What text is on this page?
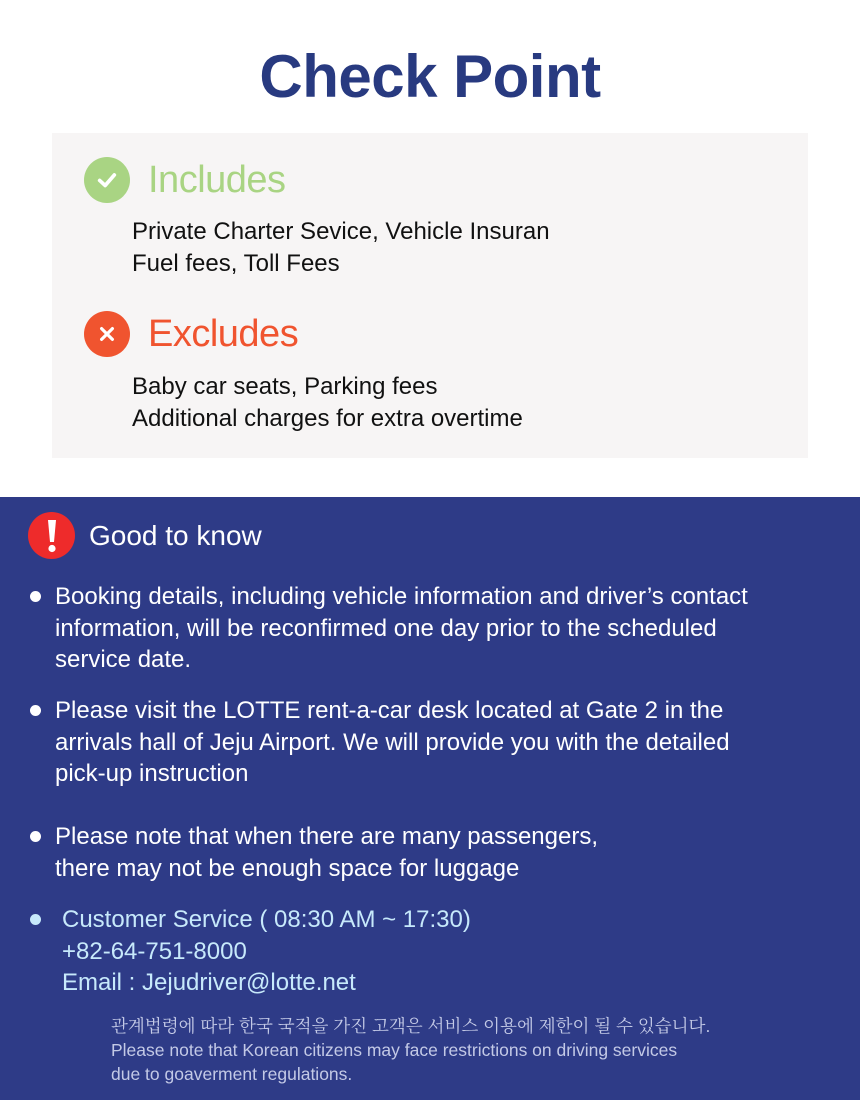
Check Point
Includes
Private Charter Sevice, Vehicle Insuran
Fuel fees, Toll Fees
Excludes
Baby car seats, Parking fees
Additional charges for extra overtime
Good to know
Booking details, including vehicle information and driver’s contact
information, will be reconfirmed one day prior to the scheduled
service date.
Please visit the LOTTE rent-a-car desk located at Gate 2 in the
arrivals hall of Jeju Airport. We will provide you with the detailed
pick-up instruction
Please note that when there are many passengers,
there may not be enough space for luggage
Customer Service ( 08:30 AM ~ 17:30)
+82-64-751-8000
Email : Jejudriver@lotte.net
관계법령에 따라 한국 국적을 가진 고객은 서비스 이용에 제한이 될 수 있습니다.
Please note that Korean citizens may face restrictions on driving services
due to goaverment regulations.
